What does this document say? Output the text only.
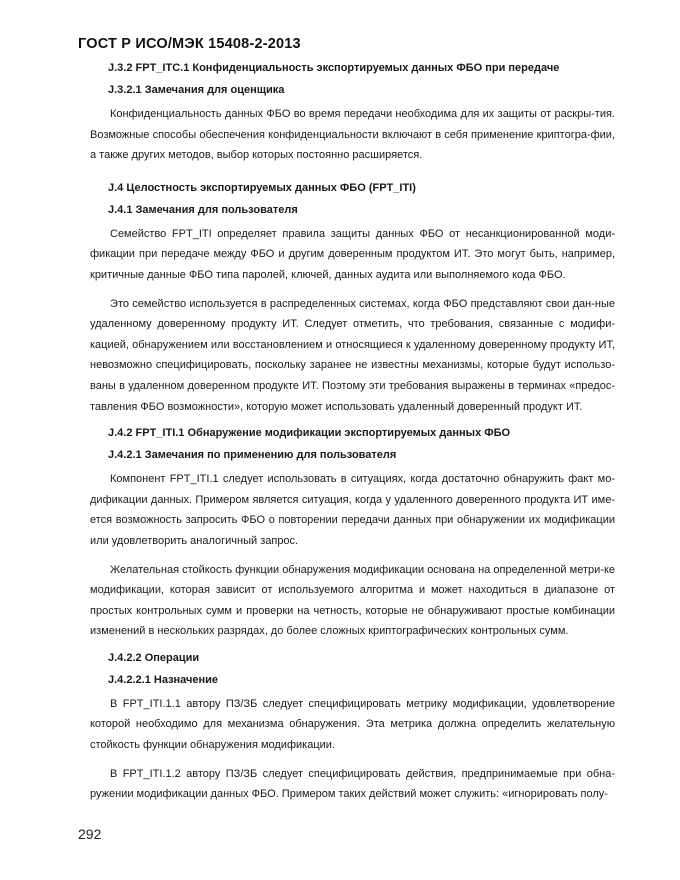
ГОСТ Р ИСО/МЭК 15408-2-2013

J.3.2 FPT_ITC.1 Конфиденциальность экспортируемых данных ФБО при передаче

J.3.2.1 Замечания для оценщика

Конфиденциальность данных ФБО во время передачи необходима для их защиты от раскры-тия. Возможные способы обеспечения конфиденциальности включают в себя применение криптогра-фии, а также других методов, выбор которых постоянно расширяется.

J.4 Целостность экспортируемых данных ФБО (FPT_ITI)

J.4.1 Замечания для пользователя

Семейство FPT_ITI определяет правила защиты данных ФБО от несанкционированной моди-фикации при передаче между ФБО и другим доверенным продуктом ИТ. Это могут быть, например, критичные данные ФБО типа паролей, ключей, данных аудита или выполняемого кода ФБО.

Это семейство используется в распределенных системах, когда ФБО представляют свои дан-ные удаленному доверенному продукту ИТ. Следует отметить, что требования, связанные с модифи-кацией, обнаружением или восстановлением и относящиеся к удаленному доверенному продукту ИТ, невозможно специфицировать, поскольку заранее не известны механизмы, которые будут использо-ваны в удаленном доверенном продукте ИТ. Поэтому эти требования выражены в терминах «предос-тавления ФБО возможности», которую может использовать удаленный доверенный продукт ИТ.

J.4.2 FPT_ITI.1 Обнаружение модификации экспортируемых данных ФБО

J.4.2.1 Замечания по применению для пользователя

Компонент FPT_ITI.1 следует использовать в ситуациях, когда достаточно обнаружить факт мо-дификации данных. Примером является ситуация, когда у удаленного доверенного продукта ИТ име-ется возможность запросить ФБО о повторении передачи данных при обнаружении их модификации или удовлетворить аналогичный запрос.

Желательная стойкость функции обнаружения модификации основана на определенной метри-ке модификации, которая зависит от используемого алгоритма и может находиться в диапазоне от простых контрольных сумм и проверки на четность, которые не обнаруживают простые комбинации изменений в нескольких разрядах, до более сложных криптографических контрольных сумм.

J.4.2.2 Операции

J.4.2.2.1 Назначение

В FPT_ITI.1.1 автору ПЗ/ЗБ следует специфицировать метрику модификации, удовлетворение которой необходимо для механизма обнаружения. Эта метрика должна определить желательную стойкость функции обнаружения модификации.

В FPT_ITI.1.2 автору ПЗ/ЗБ следует специфицировать действия, предпринимаемые при обна-ружении модификации данных ФБО. Примером таких действий может служить: «игнорировать полу-

292
